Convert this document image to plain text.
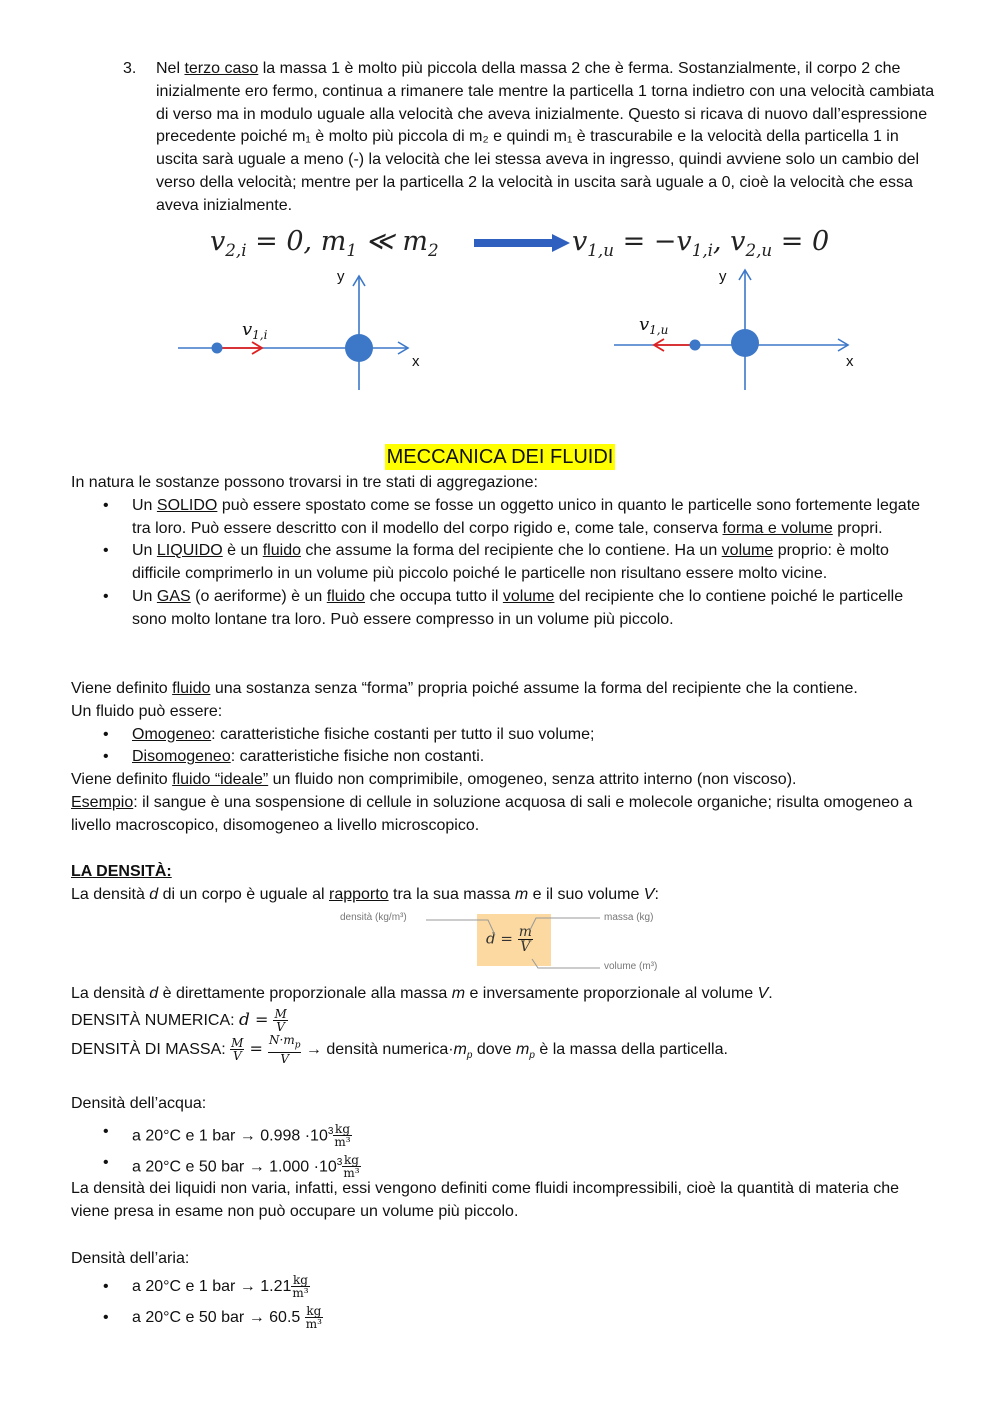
3.	Nel terzo caso la massa 1 è molto più piccola della massa 2 che è ferma. Sostanzialmente, il corpo 2 che inizialmente ero fermo, continua a rimanere tale mentre la particella 1 torna indietro con una velocità cambiata di verso ma in modulo uguale alla velocità che aveva inizialmente. Questo si ricava di nuovo dall’espressione precedente poiché m₁ è molto più piccola di m₂ e quindi m₁ è trascurabile e la velocità della particella 1 in uscita sarà uguale a meno (-) la velocità che lei stessa aveva in ingresso, quindi avviene solo un cambio del verso della velocità; mentre per la particella 2 la velocità in uscita sarà uguale a 0, cioè la velocità che essa aveva inizialmente.

$v_{2,i} = 0$, $m_1$ ≪ $m_2$	$v_{1,u} = -v_{1,i}$, $v_{2,u} = 0$
y
x
$v_{1,i}$
y
x
$v_{1,u}$
MECCANICA DEI FLUIDI

In natura le sostanze possono trovarsi in tre stati di aggregazione:

• Un SOLIDO può essere spostato come se fosse un oggetto unico in quanto le particelle sono fortemente legate tra loro. Può essere descritto con il modello del corpo rigido e, come tale, conserva forma e volume propri.
• Un LIQUIDO è un fluido che assume la forma del recipiente che lo contiene. Ha un volume proprio: è molto difficile comprimerlo in un volume più piccolo poiché le particelle non risultano essere molto vicine.
• Un GAS (o aeriforme) è un fluido che occupa tutto il volume del recipiente che lo contiene poiché le particelle sono molto lontane tra loro. Può essere compresso in un volume più piccolo.

Viene definito fluido una sostanza senza “forma” propria poiché assume la forma del recipiente che la contiene.

Un fluido può essere:

• Omogeneo: caratteristiche fisiche costanti per tutto il suo volume;
• Disomogeneo: caratteristiche fisiche non costanti.

Viene definito fluido “ideale” un fluido non comprimibile, omogeneo, senza attrito interno (non viscoso).

Esempio: il sangue è una sospensione di cellule in soluzione acquosa di sali e molecole organiche; risulta omogeneo a livello macroscopico, disomogeneo a livello microscopico.

LA DENSITÀ:

La densità d di un corpo è uguale al rapporto tra la sua massa m e il suo volume V:

$d = \frac{m}{V}$
densità (kg/m³)	massa (kg)
volume (m³)

La densità d è direttamente proporzionale alla massa m e inversamente proporzionale al volume V.

DENSITÀ NUMERICA: $d = \frac{M}{V}$

DENSITÀ DI MASSA: $\frac{M}{V} = \frac{N\cdot m_p}{V}$ → densità $numerica\cdot m_p$ dove $m_p$ è la massa della particella.

Densità dell’acqua:

• a 20°C e 1 bar → $0.998 \cdot 10^3 \frac{kg}{\text{m³}}$
• a 20°C e 50 bar → $1.000 \cdot 10^3 \frac{kg}{\text{m³}}$

La densità dei liquidi non varia, infatti, essi vengono definiti come fluidi incompressibili, cioè la quantità di materia che viene presa in esame non può occupare un volume più piccolo.

Densità dell’aria:

• a 20°C e 1 bar → $1.21 \frac{kg}{\text{m³}}$
• a 20°C e 50 bar → $60.5 \frac{kg}{\text{m³}}$
